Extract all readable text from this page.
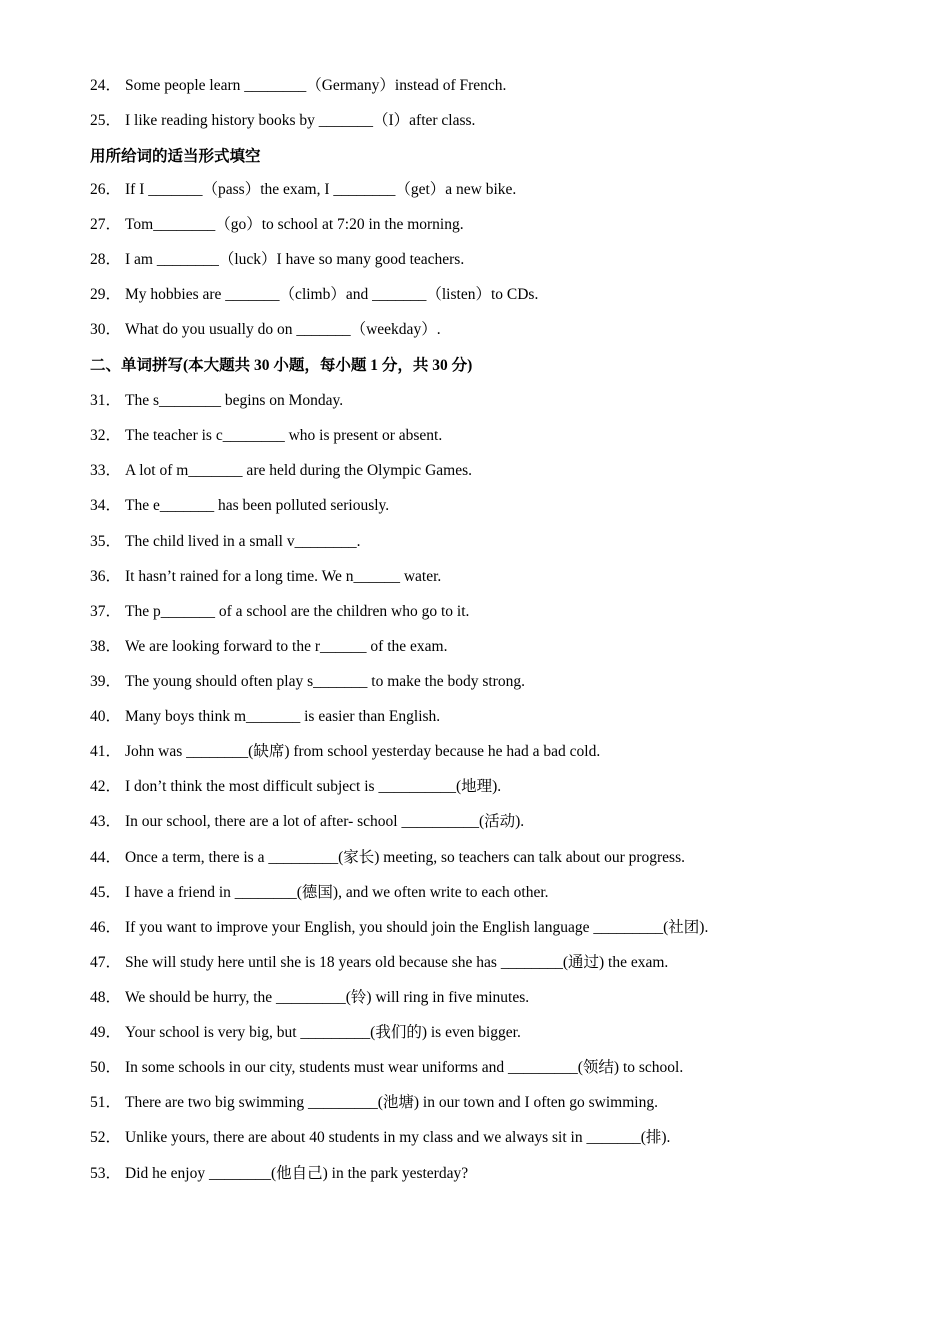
24． Some people learn ________（Germany）instead of French.
25． I like reading history books by _______（I）after class.
用所给词的适当形式填空
26． If I _______（pass）the exam, I ________（get）a new bike.
27． Tom________（go）to school at 7:20 in the morning.
28． I am ________（luck）I have so many good teachers.
29． My hobbies are _______（climb）and _______（listen）to CDs.
30． What do you usually do on _______（weekday）.
二、单词拼写(本大题共 30 小题，每小题 1 分，共 30 分)
31． The s________ begins on Monday.
32． The teacher is c________ who is present or absent.
33． A lot of m_______ are held during the Olympic Games.
34． The e_______ has been polluted seriously.
35． The child lived in a small v________.
36． It hasn’t rained for a long time. We n______ water.
37． The p_______ of a school are the children who go to it.
38． We are looking forward to the r______ of the exam.
39． The young should often play s_______ to make the body strong.
40． Many boys think m_______ is easier than English.
41． John was ________(缺席) from school yesterday because he had a bad cold.
42． I don’t think the most difficult subject is __________(地理).
43． In our school, there are a lot of after- school __________(活动).
44． Once a term, there is a _________(家长) meeting, so teachers can talk about our progress.
45． I have a friend in ________(德国), and we often write to each other.
46． If you want to improve your English, you should join the English language _________(社团).
47． She will study here until she is 18 years old because she has ________(通过) the exam.
48． We should be hurry, the _________(铃) will ring in five minutes.
49． Your school is very big, but _________(我们的) is even bigger.
50． In some schools in our city, students must wear uniforms and _________(领结) to school.
51． There are two big swimming _________(池塘) in our town and I often go swimming.
52． Unlike yours, there are about 40 students in my class and we always sit in _______(排).
53． Did he enjoy ________(他自己) in the park yesterday?
